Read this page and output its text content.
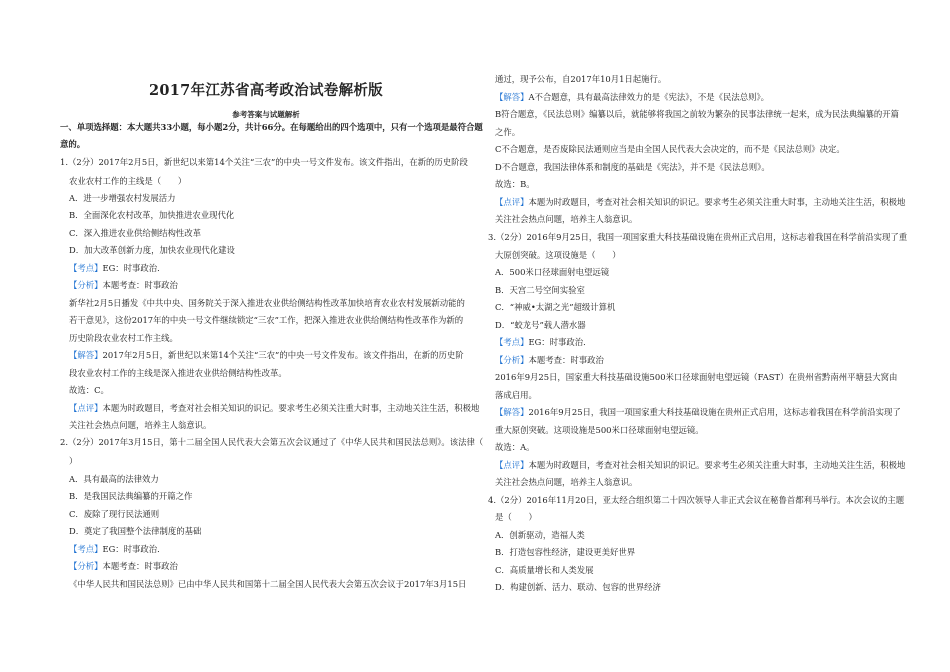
2017年江苏省高考政治试卷解析版
参考答案与试题解析
一、单项选择题：本大题共33小题，每小题2分，共计66分。在每题给出的四个选项中，只有一个选项是最符合题
意的。
1.（2分）2017年2月5日，新世纪以来第14个关注“三农”的中央一号文件发布。该文件指出，在新的历史阶段
农业农村工作的主线是（　　）
A．进一步增强农村发展活力
B．全面深化农村改革，加快推进农业现代化
C．深入推进农业供给侧结构性改革
D．加大改革创新力度，加快农业现代化建设
【考点】EG：时事政治．
【分析】本题考查：时事政治
新华社2月5日播发《中共中央、国务院关于深入推进农业供给侧结构性改革加快培育农业农村发展新动能的
若干意见》，这份2017年的中央一号文件继续锁定“三农”工作，把深入推进农业供给侧结构性改革作为新的
历史阶段农业农村工作主线。
【解答】2017年2月5日，新世纪以来第14个关注“三农”的中央一号文件发布。该文件指出，在新的历史阶
段农业农村工作的主线是深入推进农业供给侧结构性改革。
故选：C。
【点评】本题为时政题目，考查对社会相关知识的识记。要求考生必须关注重大时事，主动地关注生活，积极地
关注社会热点问题，培养主人翁意识。
2.（2分）2017年3月15日，第十二届全国人民代表大会第五次会议通过了《中华人民共和国民法总则》。该法律（
）
A．具有最高的法律效力
B．是我国民法典编纂的开篇之作
C．废除了现行民法通则
D．奠定了我国整个法律制度的基础
【考点】EG：时事政治．
【分析】本题考查：时事政治
《中华人民共和国民法总则》已由中华人民共和国第十二届全国人民代表大会第五次会议于2017年3月15日
通过，现予公布，自2017年10月1日起施行。
【解答】A不合题意，具有最高法律效力的是《宪法》，不是《民法总则》。
B符合题意，《民法总则》编纂以后，就能够将我国之前较为繁杂的民事法律统一起来，成为民法典编纂的开篇
之作。
C不合题意，是否废除民法通则应当是由全国人民代表大会决定的，而不是《民法总则》决定。
D不合题意，我国法律体系和制度的基础是《宪法》，并不是《民法总则》。
故选：B。
【点评】本题为时政题目，考查对社会相关知识的识记。要求考生必须关注重大时事，主动地关注生活，积极地
关注社会热点问题，培养主人翁意识。
3.（2分）2016年9月25日，我国一项国家重大科技基础设施在贵州正式启用，这标志着我国在科学前沿实现了重
大原创突破。这项设施是（　　）
A．500米口径球面射电望远镜
B．天宫二号空间实验室
C．“神威•太湖之光”超级计算机
D．“蛟龙号”载人潜水器
【考点】EG：时事政治．
【分析】本题考查：时事政治
2016年9月25日，国家重大科技基础设施500米口径球面射电望远镜（FAST）在贵州省黔南州平塘县大窝由
落成启用。
【解答】2016年9月25日，我国一项国家重大科技基础设施在贵州正式启用，这标志着我国在科学前沿实现了
重大原创突破。这项设施是500米口径球面射电望远镜。
故选：A。
【点评】本题为时政题目，考查对社会相关知识的识记。要求考生必须关注重大时事，主动地关注生活，积极地
关注社会热点问题，培养主人翁意识。
4.（2分）2016年11月20日，亚太经合组织第二十四次领导人非正式会议在秘鲁首都利马举行。本次会议的主题
是（　　）
A．创新驱动，造福人类
B．打造包容性经济，建设更美好世界
C．高质量增长和人类发展
D．构建创新、活力、联动、包容的世界经济
